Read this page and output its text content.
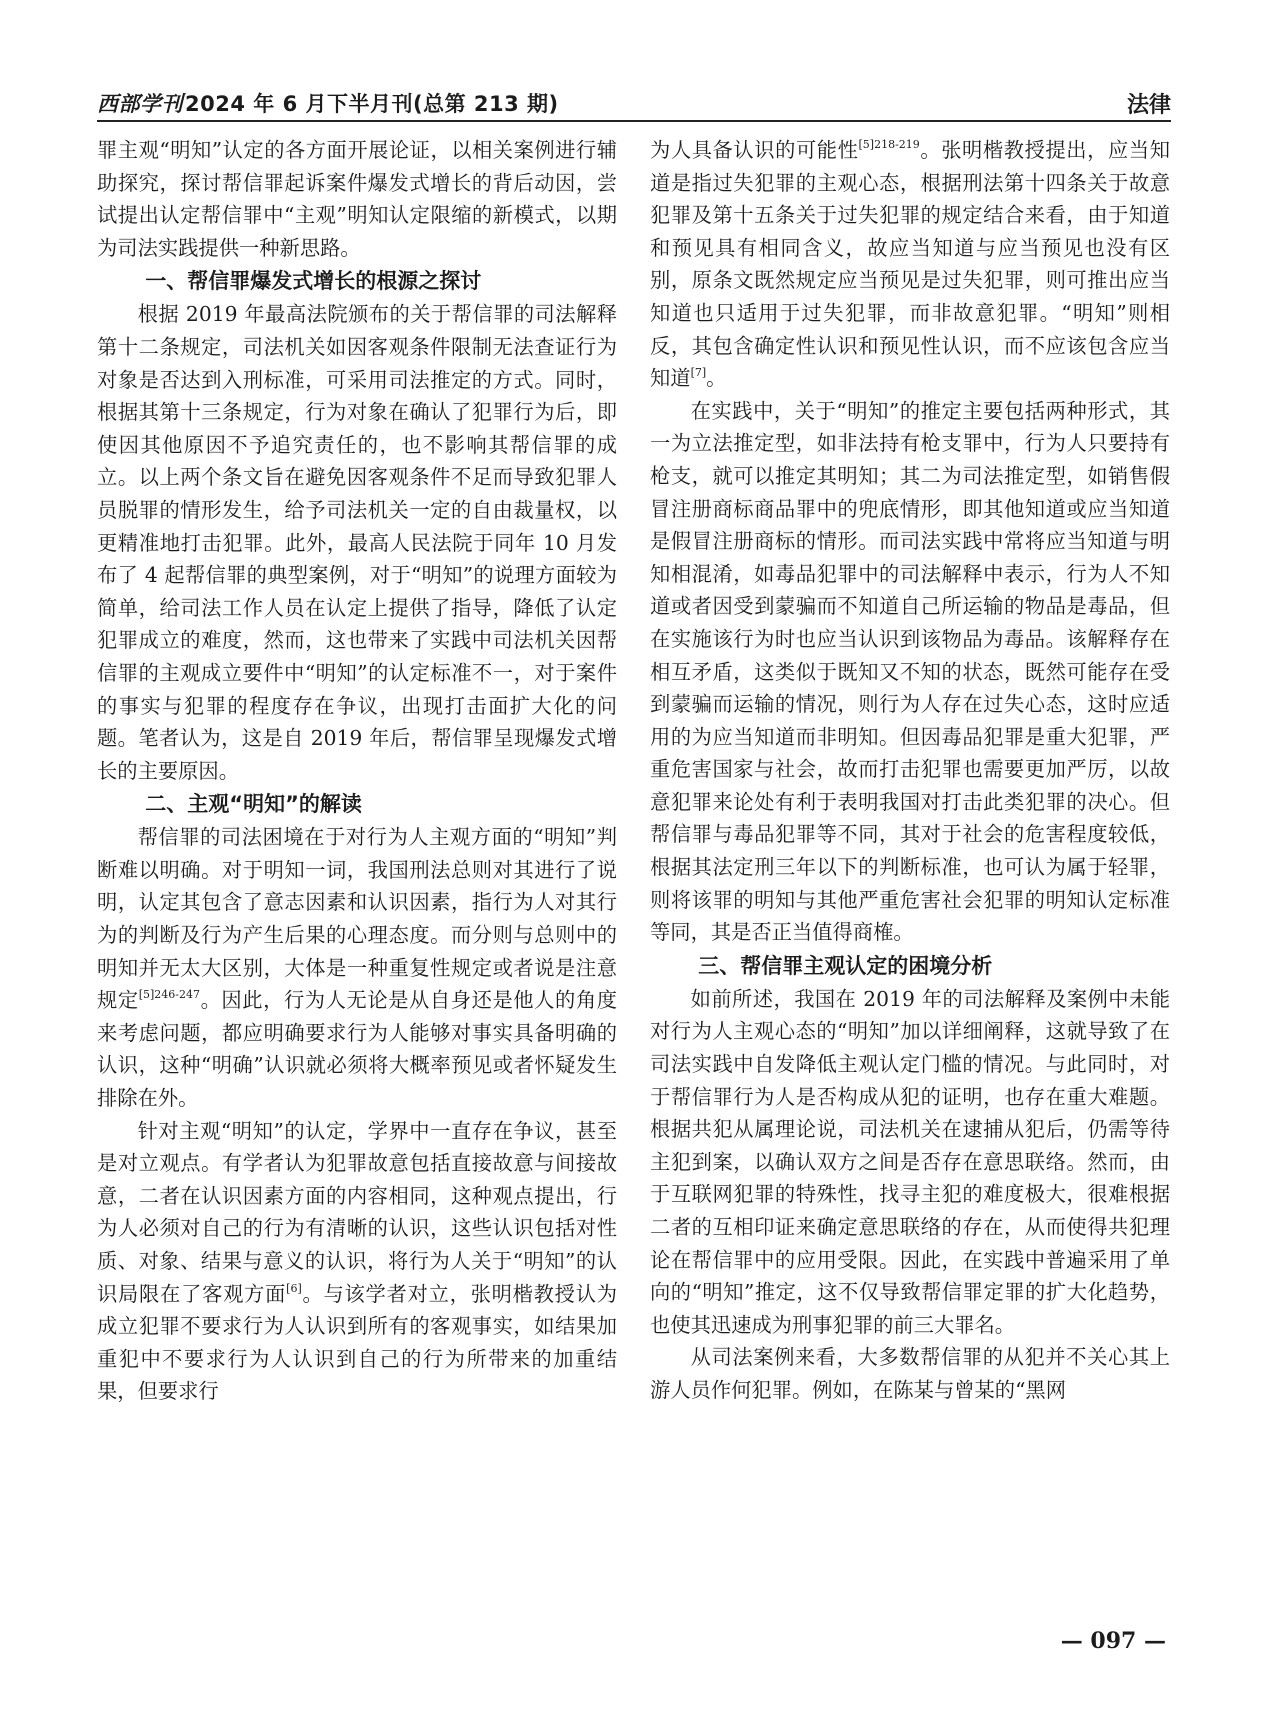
西部学刊2024 年 6 月下半月刊(总第 213 期)	法律

罪主观“明知”认定的各方面开展论证，以相关案例进行辅助探究，探讨帮信罪起诉案件爆发式增长的背后动因，尝试提出认定帮信罪中“主观”明知认定限缩的新模式，以期为司法实践提供一种新思路。

一、帮信罪爆发式增长的根源之探讨

根据 2019 年最高法院颁布的关于帮信罪的司法解释第十二条规定，司法机关如因客观条件限制无法查证行为对象是否达到入刑标准，可采用司法推定的方式。同时，根据其第十三条规定，行为对象在确认了犯罪行为后，即使因其他原因不予追究责任的，也不影响其帮信罪的成立。以上两个条文旨在避免因客观条件不足而导致犯罪人员脱罪的情形发生，给予司法机关一定的自由裁量权，以更精准地打击犯罪。此外，最高人民法院于同年 10 月发布了 4 起帮信罪的典型案例，对于“明知”的说理方面较为简单，给司法工作人员在认定上提供了指导，降低了认定犯罪成立的难度，然而，这也带来了实践中司法机关因帮信罪的主观成立要件中“明知”的认定标准不一，对于案件的事实与犯罪的程度存在争议，出现打击面扩大化的问题。笔者认为，这是自 2019 年后，帮信罪呈现爆发式增长的主要原因。

二、主观“明知”的解读

帮信罪的司法困境在于对行为人主观方面的“明知”判断难以明确。对于明知一词，我国刑法总则对其进行了说明，认定其包含了意志因素和认识因素，指行为人对其行为的判断及行为产生后果的心理态度。而分则与总则中的明知并无太大区别，大体是一种重复性规定或者说是注意规定$^{[5]246-247}$。因此，行为人无论是从自身还是他人的角度来考虑问题，都应明确要求行为人能够对事实具备明确的认识，这种“明确”认识就必须将大概率预见或者怀疑发生排除在外。

针对主观“明知”的认定，学界中一直存在争议，甚至是对立观点。有学者认为犯罪故意包括直接故意与间接故意，二者在认识因素方面的内容相同，这种观点提出，行为人必须对自己的行为有清晰的认识，这些认识包括对性质、对象、结果与意义的认识，将行为人关于“明知”的认识局限在了客观方面[6]。与该学者对立，张明楷教授认为成立犯罪不要求行为人认识到所有的客观事实，如结果加重犯中不要求行为人认识到自己的行为所带来的加重结果，但要求行

为人具备认识的可能性$^{[5]218-219}$。张明楷教授提出，应当知道是指过失犯罪的主观心态，根据刑法第十四条关于故意犯罪及第十五条关于过失犯罪的规定结合来看，由于知道和预见具有相同含义，故应当知道与应当预见也没有区别，原条文既然规定应当预见是过失犯罪，则可推出应当知道也只适用于过失犯罪，而非故意犯罪。“明知”则相反，其包含确定性认识和预见性认识，而不应该包含应当知道[7]。

在实践中，关于“明知”的推定主要包括两种形式，其一为立法推定型，如非法持有枪支罪中，行为人只要持有枪支，就可以推定其明知；其二为司法推定型，如销售假冒注册商标商品罪中的兜底情形，即其他知道或应当知道是假冒注册商标的情形。而司法实践中常将应当知道与明知相混淆，如毒品犯罪中的司法解释中表示，行为人不知道或者因受到蒙骗而不知道自己所运输的物品是毒品，但在实施该行为时也应当认识到该物品为毒品。该解释存在相互矛盾，这类似于既知又不知的状态，既然可能存在受到蒙骗而运输的情况，则行为人存在过失心态，这时应适用的为应当知道而非明知。但因毒品犯罪是重大犯罪，严重危害国家与社会，故而打击犯罪也需要更加严厉，以故意犯罪来论处有利于表明我国对打击此类犯罪的决心。但帮信罪与毒品犯罪等不同，其对于社会的危害程度较低，根据其法定刑三年以下的判断标准，也可认为属于轻罪，则将该罪的明知与其他严重危害社会犯罪的明知认定标准等同，其是否正当值得商榷。

三、帮信罪主观认定的困境分析

如前所述，我国在 2019 年的司法解释及案例中未能对行为人主观心态的“明知”加以详细阐释，这就导致了在司法实践中自发降低主观认定门槛的情况。与此同时，对于帮信罪行为人是否构成从犯的证明，也存在重大难题。根据共犯从属理论说，司法机关在逮捕从犯后，仍需等待主犯到案，以确认双方之间是否存在意思联络。然而，由于互联网犯罪的特殊性，找寻主犯的难度极大，很难根据二者的互相印证来确定意思联络的存在，从而使得共犯理论在帮信罪中的应用受限。因此，在实践中普遍采用了单向的“明知”推定，这不仅导致帮信罪定罪的扩大化趋势，也使其迅速成为刑事犯罪的前三大罪名。

从司法案例来看，大多数帮信罪的从犯并不关心其上游人员作何犯罪。例如，在陈某与曾某的“黑网

— 097 —
